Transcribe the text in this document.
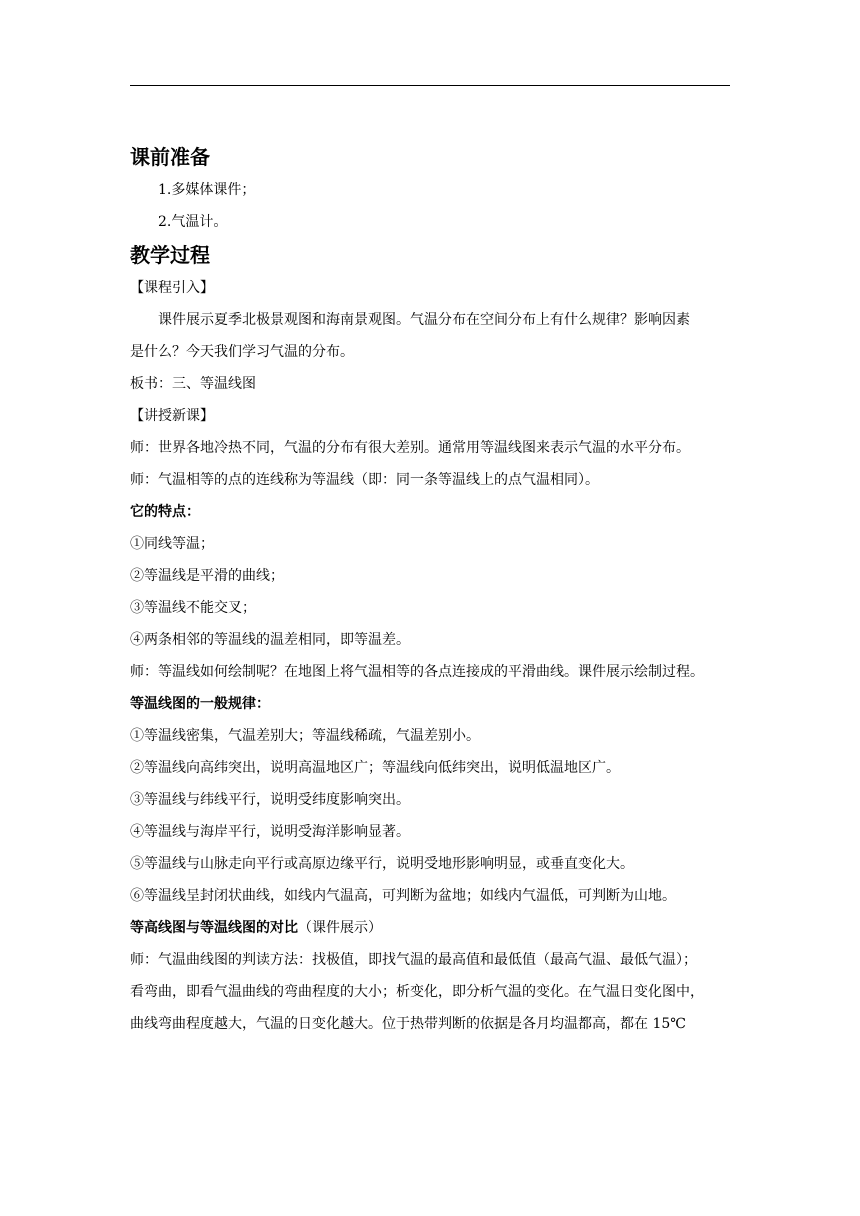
课前准备

1.多媒体课件；

2.气温计。

教学过程

【课程引入】

课件展示夏季北极景观图和海南景观图。气温分布在空间分布上有什么规律？影响因素

是什么？今天我们学习气温的分布。

板书：三、等温线图

【讲授新课】

师：世界各地冷热不同，气温的分布有很大差别。通常用等温线图来表示气温的水平分布。

师：气温相等的点的连线称为等温线（即：同一条等温线上的点气温相同）。

它的特点：

①同线等温；

②等温线是平滑的曲线；

③等温线不能交叉；

④两条相邻的等温线的温差相同，即等温差。

师：等温线如何绘制呢？在地图上将气温相等的各点连接成的平滑曲线。课件展示绘制过程。

等温线图的一般规律：

①等温线密集，气温差别大；等温线稀疏，气温差别小。

②等温线向高纬突出，说明高温地区广；等温线向低纬突出，说明低温地区广。

③等温线与纬线平行，说明受纬度影响突出。

④等温线与海岸平行，说明受海洋影响显著。

⑤等温线与山脉走向平行或高原边缘平行，说明受地形影响明显，或垂直变化大。

⑥等温线呈封闭状曲线，如线内气温高，可判断为盆地；如线内气温低，可判断为山地。

等高线图与等温线图的对比（课件展示）

师：气温曲线图的判读方法：找极值，即找气温的最高值和最低值（最高气温、最低气温）；

看弯曲，即看气温曲线的弯曲程度的大小；析变化，即分析气温的变化。在气温日变化图中，

曲线弯曲程度越大，气温的日变化越大。位于热带判断的依据是各月均温都高，都在 15℃
